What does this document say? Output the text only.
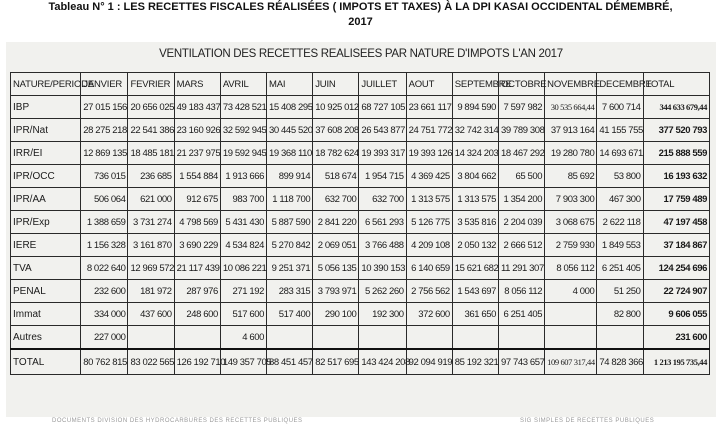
Tableau N° 1 : LES RECETTES FISCALES RÉALISÉES ( IMPOTS ET TAXES) À LA DPI KASAI OCCIDENTAL DÉMEMBRÉ,
2017
VENTILATION DES RECETTES REALISEES PAR NATURE D'IMPOTS L'AN 2017
NATURE/PERIODE	JANVIER	FEVRIER	MARS	AVRIL	MAI	JUIN	JUILLET	AOUT	SEPTEMBRE	OCTOBRE	NOVEMBRE	DECEMBRE	TOTAL
IBP	27 015 156	20 656 025	49 183 437	73 428 521	15 408 295	10 925 012	68 727 105	23 661 117	9 894 590	7 597 982	30 535 664,44	7 600 714	344 633 679,44
IPR/Nat	28 275 218	22 541 386	23 160 926	32 592 945	30 445 520	37 608 208	26 543 877	24 751 772	32 742 314	39 789 308	37 913 164	41 155 755	377 520 793
IRR/EI	12 869 135	18 485 181	21 237 975	19 592 945	19 368 110	18 782 624	19 393 317	19 393 126	14 324 203	18 467 292	19 280 780	14 693 671	215 888 559
IPR/OCC	736 015	236 685	1 554 884	1 913 666	899 914	518 674	1 954 715	4 369 425	3 804 662	65 500	85 692	53 800	16 193 632
IPR/AA	506 064	621 000	912 675	983 700	1 118 700	632 700	632 700	1 313 575	1 313 575	1 354 200	7 903 300	467 300	17 759 489
IPR/Exp	1 388 659	3 731 274	4 798 569	5 431 430	5 887 590	2 841 220	6 561 293	5 126 775	3 535 816	2 204 039	3 068 675	2 622 118	47 197 458
IERE	1 156 328	3 161 870	3 690 229	4 534 824	5 270 842	2 069 051	3 766 488	4 209 108	2 050 132	2 666 512	2 759 930	1 849 553	37 184 867
TVA	8 022 640	12 969 572	21 117 439	10 086 221	9 251 371	5 056 135	10 390 153	6 140 659	15 621 682	11 291 307	8 056 112	6 251 405	124 254 696
PENAL	232 600	181 972	287 976	271 192	283 315	3 793 971	5 262 260	2 756 562	1 543 697	8 056 112	4 000	51 250	22 724 907
Immat	334 000	437 600	248 600	517 600	517 400	290 100	192 300	372 600	361 650	6 251 405		82 800	9 606 055
Autres	227 000			4 600									231 600
TOTAL	80 762 815	83 022 565	126 192 710	149 357 705	88 451 457	82 517 695	143 424 208	92 094 919	85 192 321	97 743 657	109 607 317,44	74 828 366	1 213 195 735,44
DOCUMENTS DIVISION DES HYDROCARBURES DES RECETTES PUBLIQUES	SIG SIMPLES DE RECETTES PUBLIQUES
